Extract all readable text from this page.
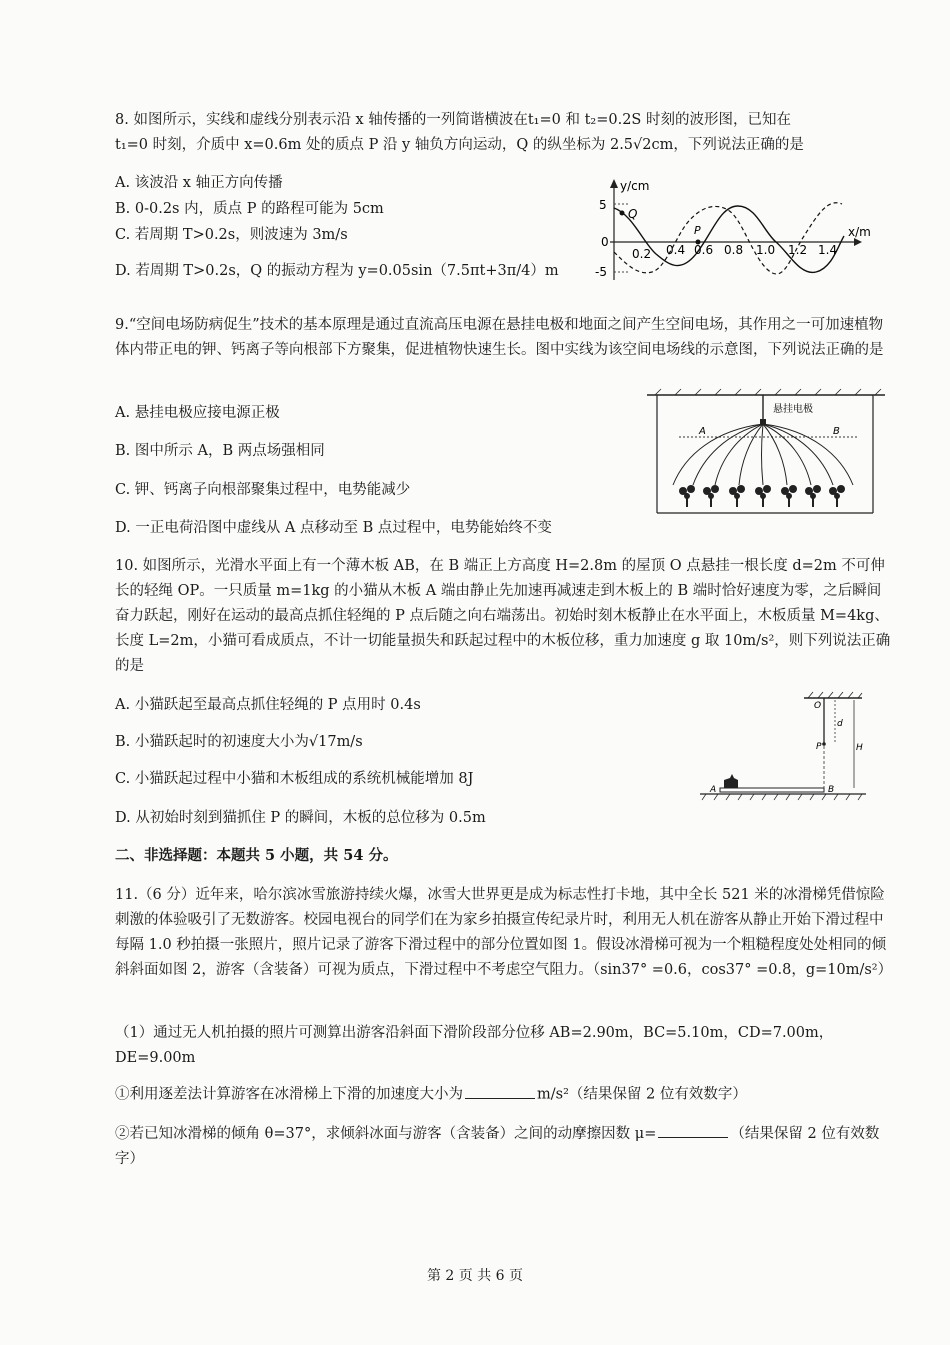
8. 如图所示，实线和虚线分别表示沿 x 轴传播的一列简谐横波在t₁=0 和 t₂=0.2S 时刻的波形图，已知在
t₁=0 时刻，介质中 x=0.6m 处的质点 P 沿 y 轴负方向运动，Q 的纵坐标为 2.5√2cm，下列说法正确的是
A. 该波沿 x 轴正方向传播
B. 0-0.2s 内，质点 P 的路程可能为 5cm
C. 若周期 T>0.2s，则波速为 3m/s
D. 若周期 T>0.2s，Q 的振动方程为 y=0.05sin（7.5πt+3π/4）m
y/cm
x/m
5
0
-5
Q
P
0.2 0.4 0.6 0.8 1.0 1.2 1.4
9.“空间电场防病促生”技术的基本原理是通过直流高压电源在悬挂电极和地面之间产生空间电场，其作用之一可加速植物体内带正电的钾、钙离子等向根部下方聚集，促进植物快速生长。图中实线为该空间电场线的示意图，下列说法正确的是
A. 悬挂电极应接电源正极
B. 图中所示 A，B 两点场强相同
C. 钾、钙离子向根部聚集过程中，电势能减少
D. 一正电荷沿图中虚线从 A 点移动至 B 点过程中，电势能始终不变
悬挂电极
A	B
10. 如图所示，光滑水平面上有一个薄木板 AB，在 B 端正上方高度 H=2.8m 的屋顶 O 点悬挂一根长度 d=2m 不可伸长的轻绳 OP。一只质量 m=1kg 的小猫从木板 A 端由静止先加速再减速走到木板上的 B 端时恰好速度为零，之后瞬间奋力跃起，刚好在运动的最高点抓住轻绳的 P 点后随之向右端荡出。初始时刻木板静止在水平面上，木板质量 M=4kg、长度 L=2m，小猫可看成质点，不计一切能量损失和跃起过程中的木板位移，重力加速度 g 取 10m/s²，则下列说法正确的是
A. 小猫跃起至最高点抓住轻绳的 P 点用时 0.4s
B. 小猫跃起时的初速度大小为√17m/s
C. 小猫跃起过程中小猫和木板组成的系统机械能增加 8J
D. 从初始时刻到猫抓住 P 的瞬间，木板的总位移为 0.5m
O
P
d
H
A	B
二、非选择题：本题共 5 小题，共 54 分。
11.（6 分）近年来，哈尔滨冰雪旅游持续火爆，冰雪大世界更是成为标志性打卡地，其中全长 521 米的冰滑梯凭借惊险刺激的体验吸引了无数游客。校园电视台的同学们在为家乡拍摄宣传纪录片时，利用无人机在游客从静止开始下滑过程中每隔 1.0 秒拍摄一张照片，照片记录了游客下滑过程中的部分位置如图 1。假设冰滑梯可视为一个粗糙程度处处相同的倾斜斜面如图 2，游客（含装备）可视为质点，下滑过程中不考虑空气阻力。（sin37° =0.6，cos37° =0.8，g=10m/s²）
（1）通过无人机拍摄的照片可测算出游客沿斜面下滑阶段部分位移 AB=2.90m，BC=5.10m，CD=7.00m，DE=9.00m
①利用逐差法计算游客在冰滑梯上下滑的加速度大小为	m/s²（结果保留 2 位有效数字）
②若已知冰滑梯的倾角 θ=37°，求倾斜冰面与游客（含装备）之间的动摩擦因数 μ=	（结果保留 2 位有效数字）
第 2 页 共 6 页
